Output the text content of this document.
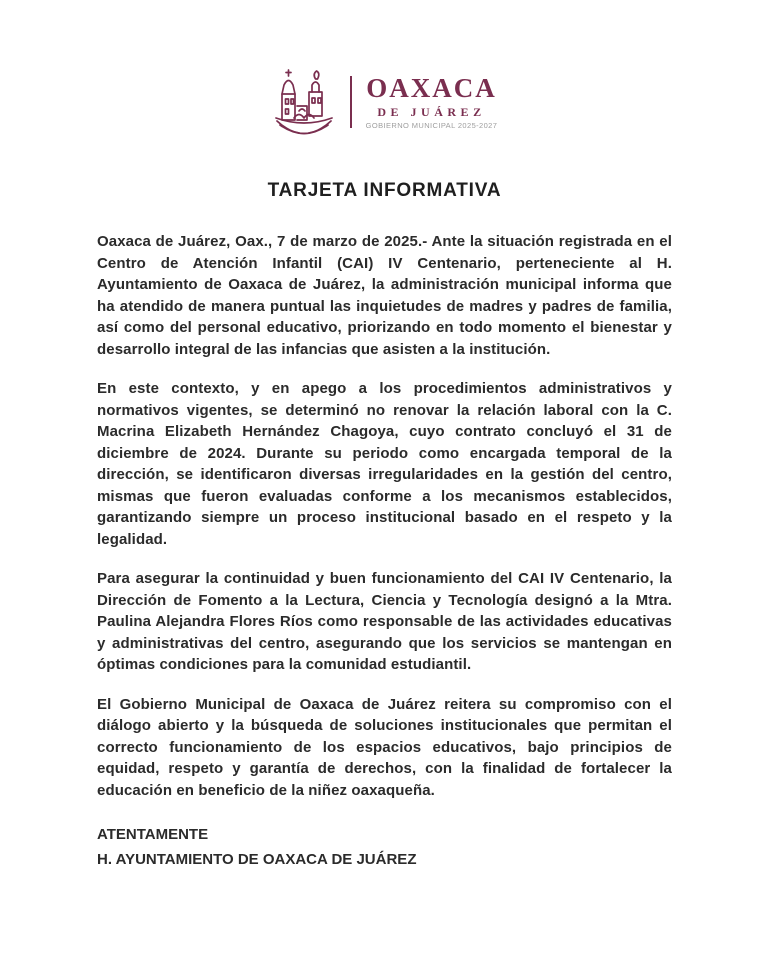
OAXACA
DE JUÁREZ
GOBIERNO MUNICIPAL 2025-2027
TARJETA INFORMATIVA

Oaxaca de Juárez, Oax., 7 de marzo de 2025.- Ante la situación registrada en el Centro de Atención Infantil (CAI) IV Centenario, perteneciente al H. Ayuntamiento de Oaxaca de Juárez, la administración municipal informa que ha atendido de manera puntual las inquietudes de madres y padres de familia, así como del personal educativo, priorizando en todo momento el bienestar y desarrollo integral de las infancias que asisten a la institución.

En este contexto, y en apego a los procedimientos administrativos y normativos vigentes, se determinó no renovar la relación laboral con la C. Macrina Elizabeth Hernández Chagoya, cuyo contrato concluyó el 31 de diciembre de 2024. Durante su periodo como encargada temporal de la dirección, se identificaron diversas irregularidades en la gestión del centro, mismas que fueron evaluadas conforme a los mecanismos establecidos, garantizando siempre un proceso institucional basado en el respeto y la legalidad.

Para asegurar la continuidad y buen funcionamiento del CAI IV Centenario, la Dirección de Fomento a la Lectura, Ciencia y Tecnología designó a la Mtra. Paulina Alejandra Flores Ríos como responsable de las actividades educativas y administrativas del centro, asegurando que los servicios se mantengan en óptimas condiciones para la comunidad estudiantil.

El Gobierno Municipal de Oaxaca de Juárez reitera su compromiso con el diálogo abierto y la búsqueda de soluciones institucionales que permitan el correcto funcionamiento de los espacios educativos, bajo principios de equidad, respeto y garantía de derechos, con la finalidad de fortalecer la educación en beneficio de la niñez oaxaqueña.

ATENTAMENTE
H. AYUNTAMIENTO DE OAXACA DE JUÁREZ
